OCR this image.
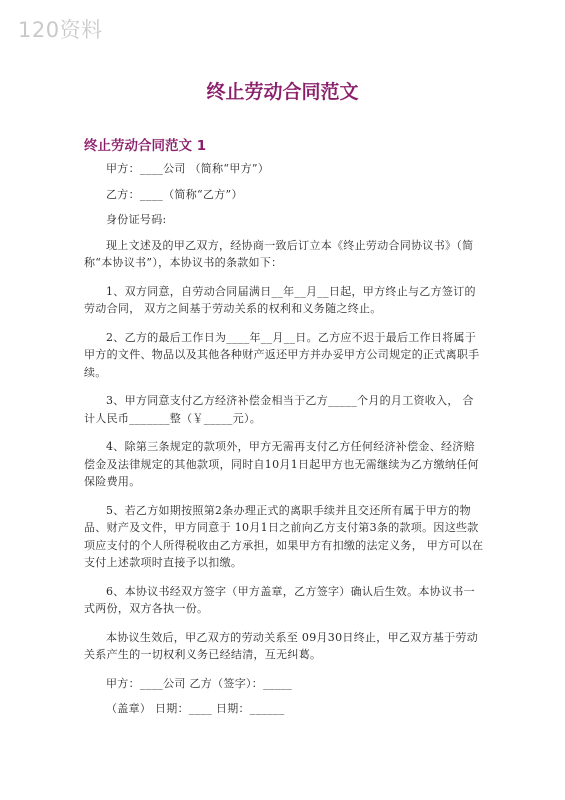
120资料
终止劳动合同范文
终止劳动合同范文 1

甲方：____公司 （简称“甲方”）

乙方：____（简称“乙方”）

身份证号码:

现上文述及的甲乙双方，经协商一致后订立本《终止劳动合同协议书》（简称“本协议书”），本协议书的条款如下：

1、双方同意，自劳动合同届满日__年__月__日起，甲方终止与乙方签订的劳动合同， 双方之间基于劳动关系的权利和义务随之终止。

2、乙方的最后工作日为____年__月__日。乙方应不迟于最后工作日将属于甲方的文件、物品以及其他各种财产返还甲方并办妥甲方公司规定的正式离职手续。

3、甲方同意支付乙方经济补偿金相当于乙方_____个月的月工资收入， 合计人民币_______整（￥_____元）。

4、除第三条规定的款项外，甲方无需再支付乙方任何经济补偿金、经济赔偿金及法律规定的其他款项，同时自10月1日起甲方也无需继续为乙方缴纳任何保险费用。

5、若乙方如期按照第2条办理正式的离职手续并且交还所有属于甲方的物品、财产及文件，甲方同意于 10月1日之前向乙方支付第3条的款项。因这些款项应支付的个人所得税收由乙方承担，如果甲方有扣缴的法定义务， 甲方可以在支付上述款项时直接予以扣缴。

6、本协议书经双方签字（甲方盖章，乙方签字）确认后生效。本协议书一式两份，双方各执一份。

本协议生效后，甲乙双方的劳动关系至 09月30日终止，甲乙双方基于劳动关系产生的一切权利义务已经结清，互无纠葛。

甲方：____公司 乙方（签字）：_____

（盖章） 日期：____ 日期：______
